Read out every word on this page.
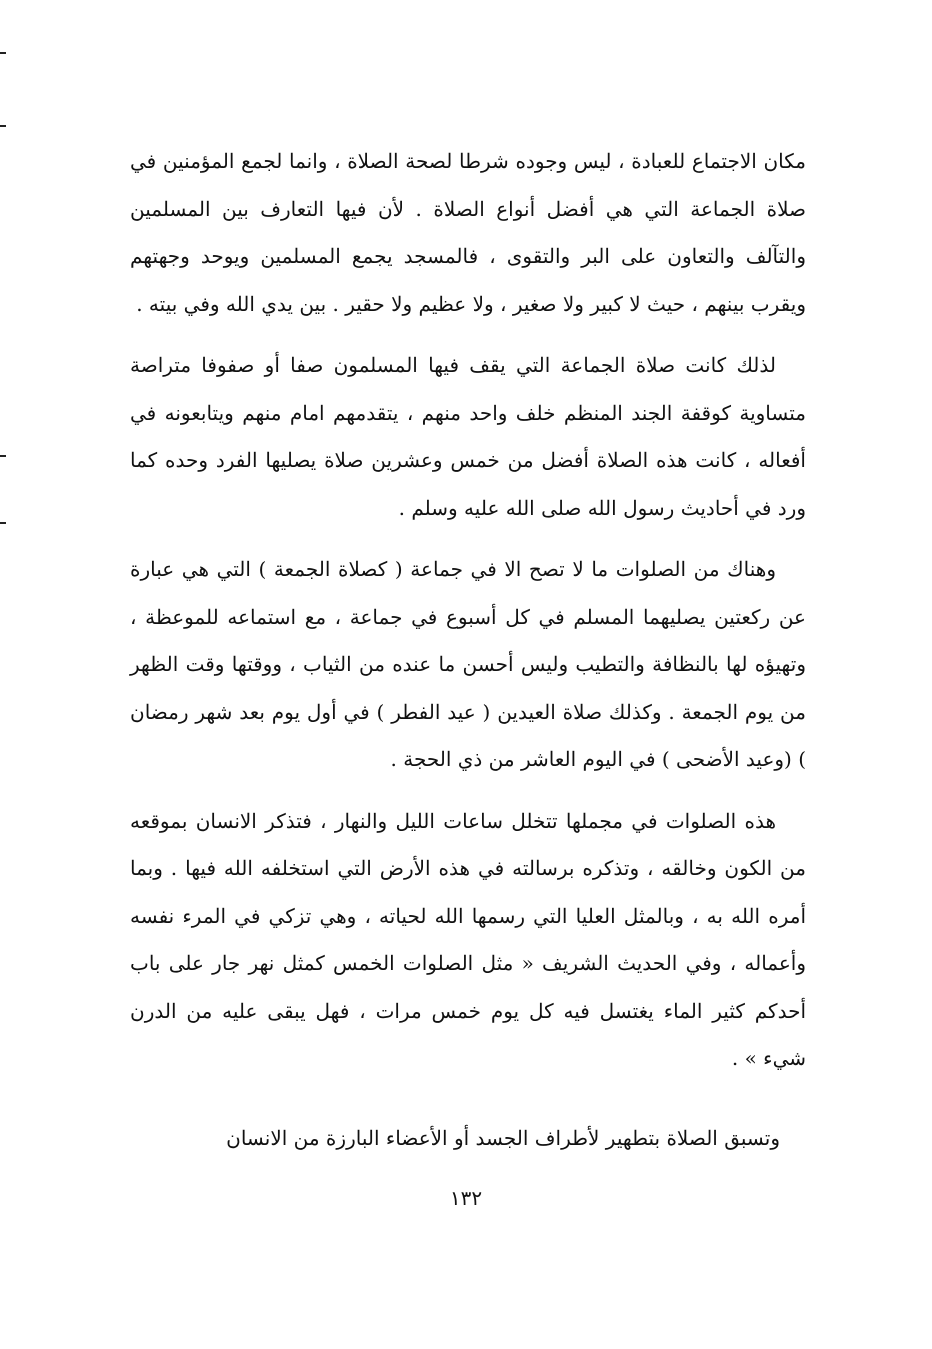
مكان الاجتماع للعبادة ، ليس وجوده شرطا لصحة الصلاة ، وانما لجمع المؤمنين في صلاة الجماعة التي هي أفضل أنواع الصلاة . لأن فيها التعارف بين المسلمين والتآلف والتعاون على البر والتقوى ، فالمسجد يجمع المسلمين ويوحد وجهتهم ويقرب بينهم ، حيث لا كبير ولا صغير ، ولا عظيم ولا حقير . بين يدي الله وفي بيته .

لذلك كانت صلاة الجماعة التي يقف فيها المسلمون صفا أو صفوفا متراصة متساوية كوقفة الجند المنظم خلف واحد منهم ، يتقدمهم امام منهم ويتابعونه في أفعاله ، كانت هذه الصلاة أفضل من خمس وعشرين صلاة يصليها الفرد وحده كما ورد في أحاديث رسول الله صلى الله عليه وسلم .

وهناك من الصلوات ما لا تصح الا في جماعة ( كصلاة الجمعة ) التي هي عبارة عن ركعتين يصليهما المسلم في كل أسبوع في جماعة ، مع استماعه للموعظة ، وتهيؤه لها بالنظافة والتطيب وليس أحسن ما عنده من الثياب ، ووقتها وقت الظهر من يوم الجمعة . وكذلك صلاة العيدين ( عيد الفطر ) في أول يوم بعد شهر رمضان ) (وعيد الأضحى ) في اليوم العاشر من ذي الحجة .

هذه الصلوات في مجملها تتخلل ساعات الليل والنهار ، فتذكر الانسان بموقعه من الكون وخالقه ، وتذكره برسالته في هذه الأرض التي استخلفه الله فيها . وبما أمره الله به ، وبالمثل العليا التي رسمها الله لحياته ، وهي تزكي في المرء نفسه وأعماله ، وفي الحديث الشريف « مثل الصلوات الخمس كمثل نهر جار على باب أحدكم كثير الماء يغتسل فيه كل يوم خمس مرات ، فهل يبقى عليه من الدرن شيء » .

وتسبق الصلاة بتطهير لأطراف الجسد أو الأعضاء البارزة من الانسان
١٣٢
